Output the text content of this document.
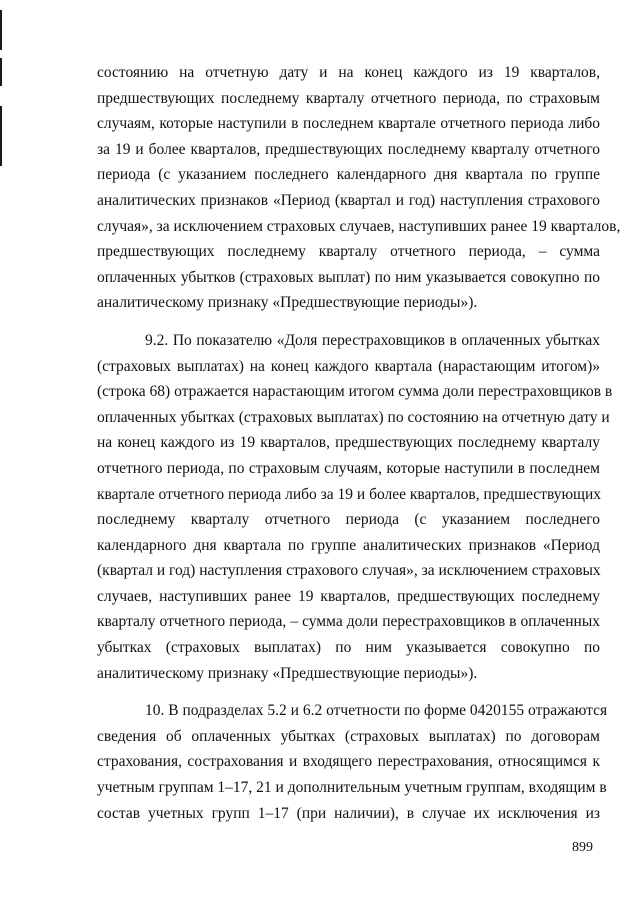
состоянию на отчетную дату и на конец каждого из 19 кварталов,
предшествующих последнему кварталу отчетного периода, по страховым
случаям, которые наступили в последнем квартале отчетного периода либо
за 19 и более кварталов, предшествующих последнему кварталу отчетного
периода (с указанием последнего календарного дня квартала по группе
аналитических признаков «Период (квартал и год) наступления страхового
случая», за исключением страховых случаев, наступивших ранее 19 кварталов,
предшествующих последнему кварталу отчетного периода, – сумма
оплаченных убытков (страховых выплат) по ним указывается совокупно по
аналитическому признаку «Предшествующие периоды»).
9.2. По показателю «Доля перестраховщиков в оплаченных убытках
(страховых выплатах) на конец каждого квартала (нарастающим итогом)»
(строка 68) отражается нарастающим итогом сумма доли перестраховщиков в
оплаченных убытках (страховых выплатах) по состоянию на отчетную дату и
на конец каждого из 19 кварталов, предшествующих последнему кварталу
отчетного периода, по страховым случаям, которые наступили в последнем
квартале отчетного периода либо за 19 и более кварталов, предшествующих
последнему кварталу отчетного периода (с указанием последнего
календарного дня квартала по группе аналитических признаков «Период
(квартал и год) наступления страхового случая», за исключением страховых
случаев, наступивших ранее 19 кварталов, предшествующих последнему
кварталу отчетного периода, – сумма доли перестраховщиков в оплаченных
убытках (страховых выплатах) по ним указывается совокупно по
аналитическому признаку «Предшествующие периоды»).
10. В подразделах 5.2 и 6.2 отчетности по форме 0420155 отражаются
сведения об оплаченных убытках (страховых выплатах) по договорам
страхования, сострахования и входящего перестрахования, относящимся к
учетным группам 1–17, 21 и дополнительным учетным группам, входящим в
состав учетных групп 1–17 (при наличии), в случае их исключения из
899
